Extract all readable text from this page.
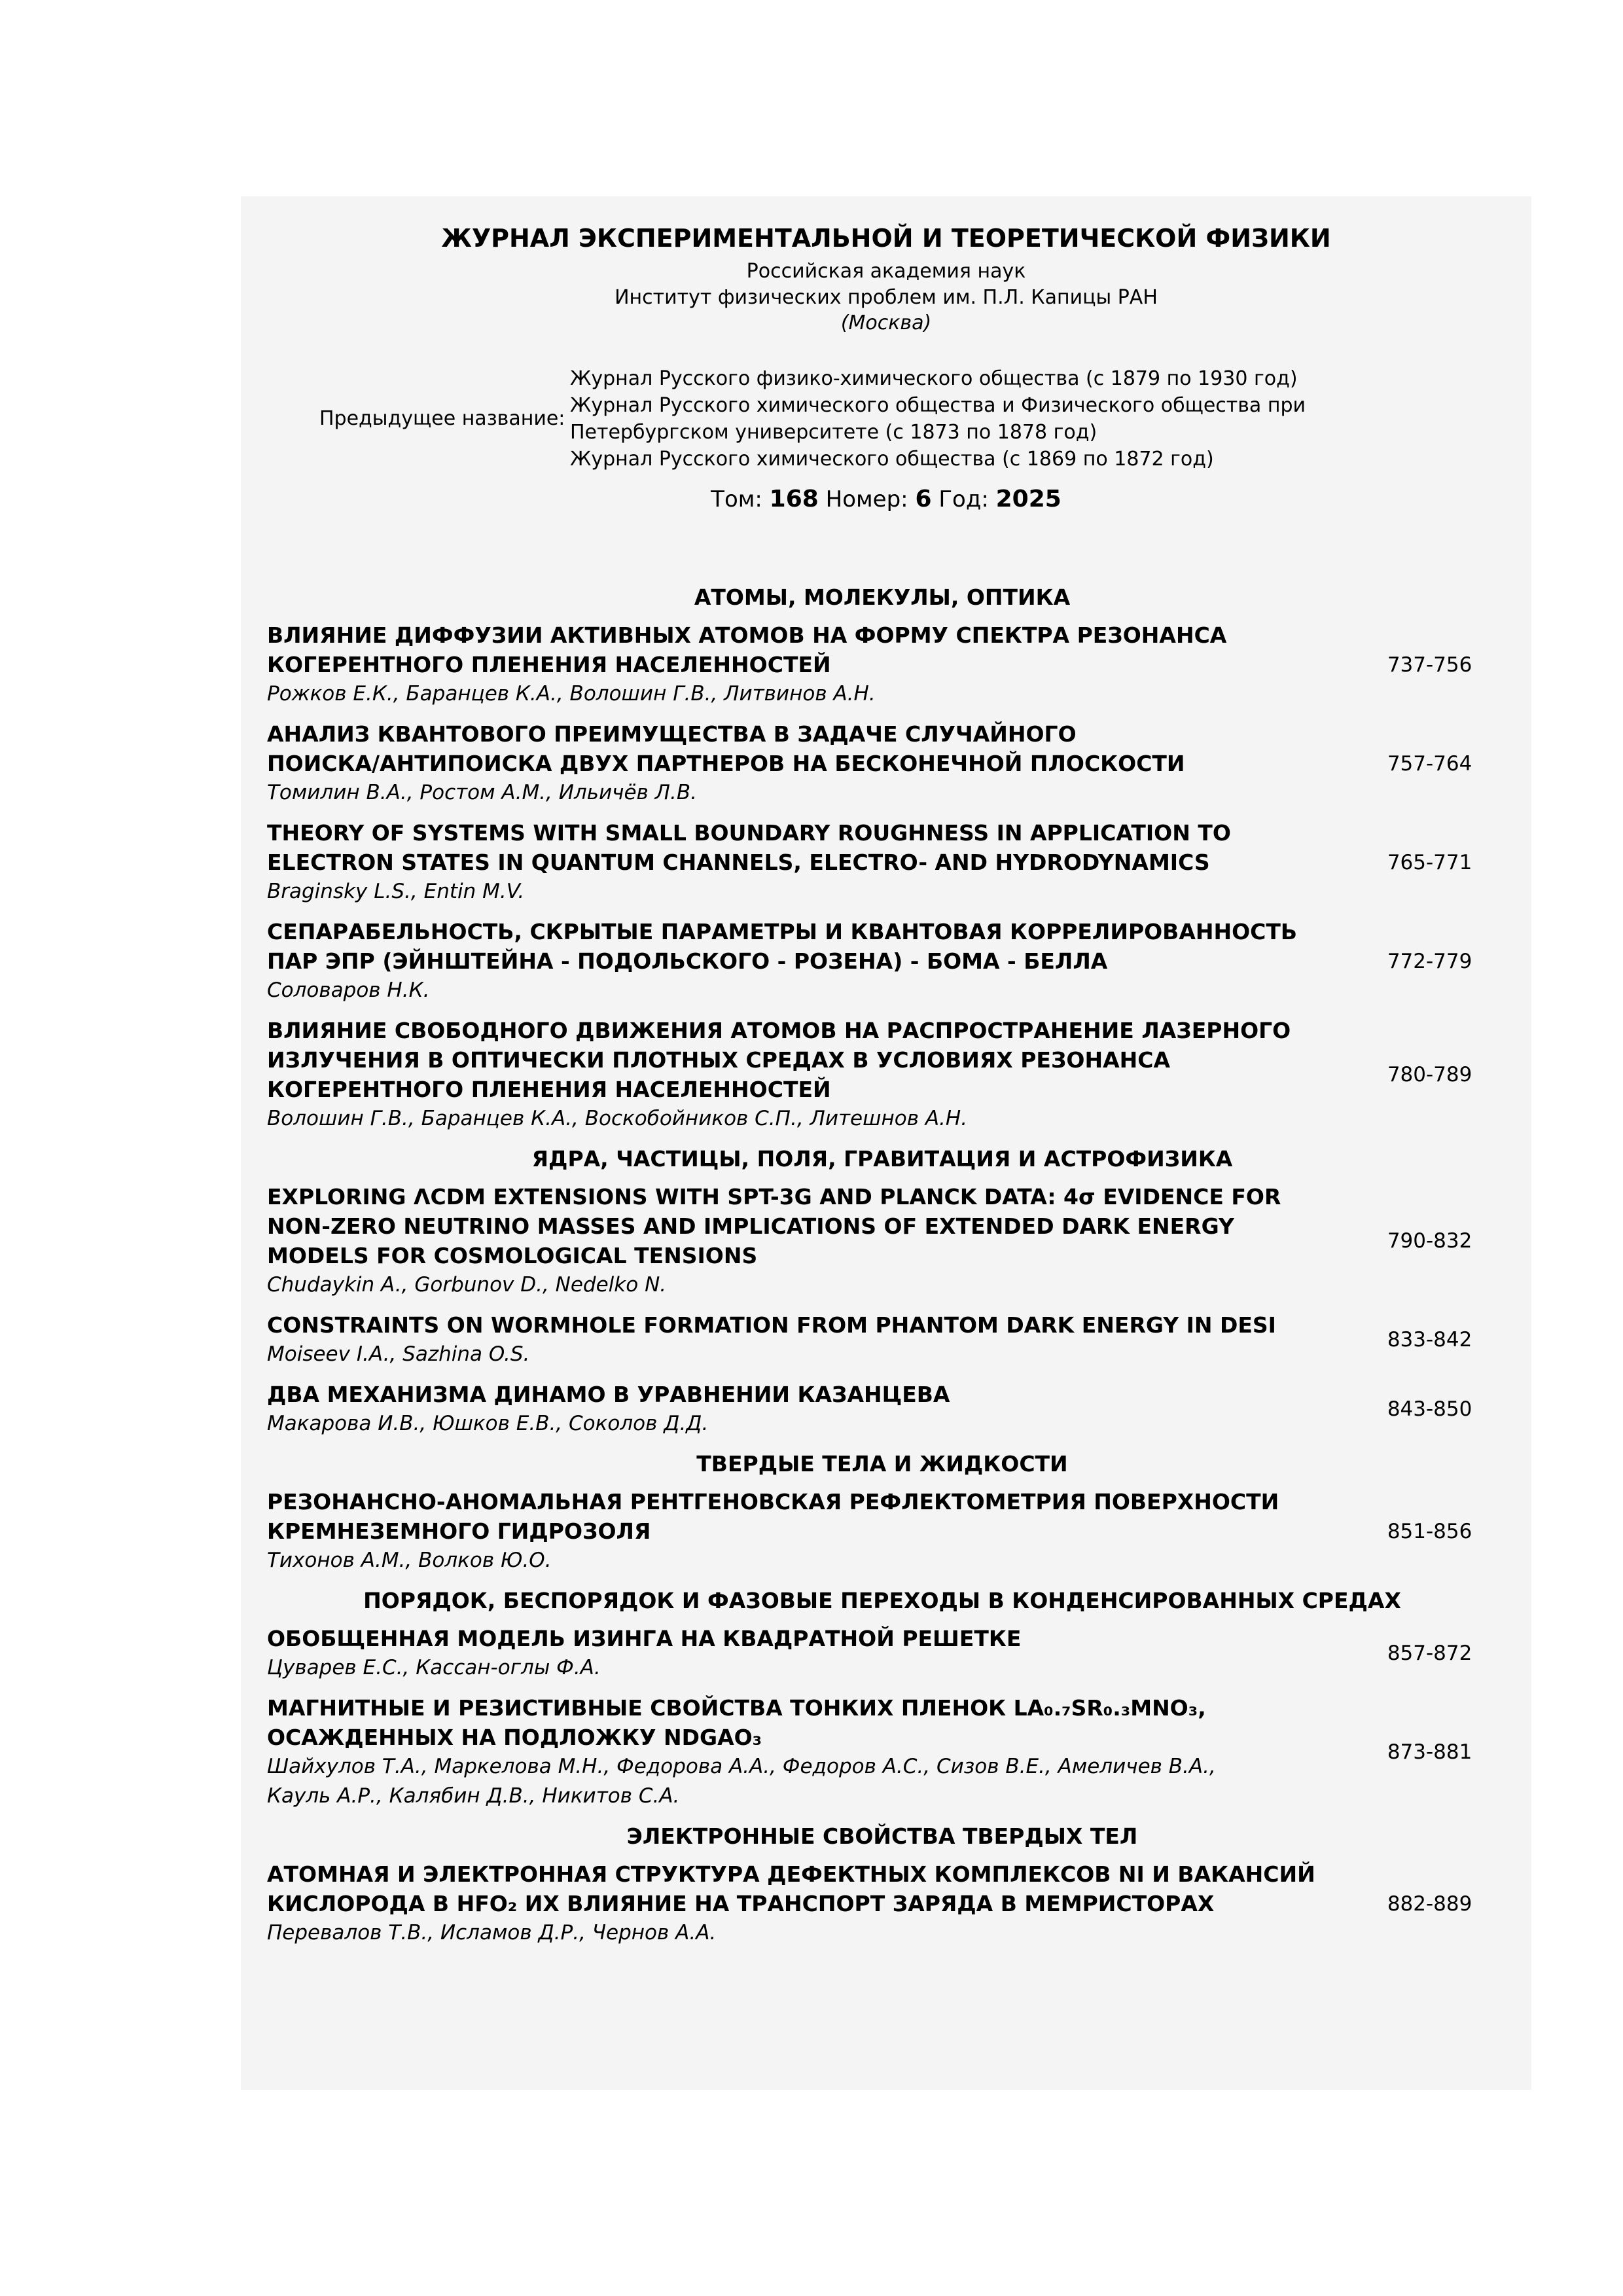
ЖУРНАЛ ЭКСПЕРИМЕНТАЛЬНОЙ И ТЕОРЕТИЧЕСКОЙ ФИЗИКИ
Российская академия наук
Институт физических проблем им. П.Л. Капицы РАН
(Москва)
Предыдущее название:
Журнал Русского физико-химического общества (с 1879 по 1930 год)
Журнал Русского химического общества и Физического общества при
Петербургском университете (с 1873 по 1878 год)
Журнал Русского химического общества (с 1869 по 1872 год)
Том: 168 Номер: 6 Год: 2025
АТОМЫ, МОЛЕКУЛЫ, ОПТИКА
ВЛИЯНИЕ ДИФФУЗИИ АКТИВНЫХ АТОМОВ НА ФОРМУ СПЕКТРА РЕЗОНАНСА
КОГЕРЕНТНОГО ПЛЕНЕНИЯ НАСЕЛЕННОСТЕЙ
Рожков Е.К., Баранцев К.А., Волошин Г.В., Литвинов А.Н.
737-756
АНАЛИЗ КВАНТОВОГО ПРЕИМУЩЕСТВА В ЗАДАЧЕ СЛУЧАЙНОГО
ПОИСКА/АНТИПОИСКА ДВУХ ПАРТНЕРОВ НА БЕСКОНЕЧНОЙ ПЛОСКОСТИ
Томилин В.А., Ростом А.М., Ильичёв Л.В.
757-764
THEORY OF SYSTEMS WITH SMALL BOUNDARY ROUGHNESS IN APPLICATION TO
ELECTRON STATES IN QUANTUM CHANNELS, ELECTRO- AND HYDRODYNAMICS
Braginsky L.S., Entin M.V.
765-771
СЕПАРАБЕЛЬНОСТЬ, СКРЫТЫЕ ПАРАМЕТРЫ И КВАНТОВАЯ КОРРЕЛИРОВАННОСТЬ
ПАР ЭПР (ЭЙНШТЕЙНА - ПОДОЛЬСКОГО - РОЗЕНА) - БОМА - БЕЛЛА
Соловаров Н.К.
772-779
ВЛИЯНИЕ СВОБОДНОГО ДВИЖЕНИЯ АТОМОВ НА РАСПРОСТРАНЕНИЕ ЛАЗЕРНОГО
ИЗЛУЧЕНИЯ В ОПТИЧЕСКИ ПЛОТНЫХ СРЕДАХ В УСЛОВИЯХ РЕЗОНАНСА
КОГЕРЕНТНОГО ПЛЕНЕНИЯ НАСЕЛЕННОСТЕЙ
Волошин Г.В., Баранцев К.А., Воскобойников С.П., Литешнов А.Н.
780-789
ЯДРА, ЧАСТИЦЫ, ПОЛЯ, ГРАВИТАЦИЯ И АСТРОФИЗИКА
EXPLORING ΛCDM EXTENSIONS WITH SPT-3G AND PLANCK DATA: 4σ EVIDENCE FOR
NON-ZERO NEUTRINO MASSES AND IMPLICATIONS OF EXTENDED DARK ENERGY
MODELS FOR COSMOLOGICAL TENSIONS
Chudaykin A., Gorbunov D., Nedelko N.
790-832
CONSTRAINTS ON WORMHOLE FORMATION FROM PHANTOM DARK ENERGY IN DESI
Moiseev I.A., Sazhina O.S.
833-842
ДВА МЕХАНИЗМА ДИНАМО В УРАВНЕНИИ КАЗАНЦЕВА
Макарова И.В., Юшков Е.В., Соколов Д.Д.
843-850
ТВЕРДЫЕ ТЕЛА И ЖИДКОСТИ
РЕЗОНАНСНО-АНОМАЛЬНАЯ РЕНТГЕНОВСКАЯ РЕФЛЕКТОМЕТРИЯ ПОВЕРХНОСТИ
КРЕМНЕЗЕМНОГО ГИДРОЗОЛЯ
Тихонов А.М., Волков Ю.О.
851-856
ПОРЯДОК, БЕСПОРЯДОК И ФАЗОВЫЕ ПЕРЕХОДЫ В КОНДЕНСИРОВАННЫХ СРЕДАХ
ОБОБЩЕННАЯ МОДЕЛЬ ИЗИНГА НА КВАДРАТНОЙ РЕШЕТКЕ
Цуварев Е.С., Кассан-оглы Ф.А.
857-872
МАГНИТНЫЕ И РЕЗИСТИВНЫЕ СВОЙСТВА ТОНКИХ ПЛЕНОК LA₀.₇SR₀.₃MNO₃,
ОСАЖДЕННЫХ НА ПОДЛОЖКУ NDGAO₃
Шайхулов Т.А., Маркелова М.Н., Федорова А.А., Федоров А.С., Сизов В.Е., Амеличев В.А.,
Кауль А.Р., Калябин Д.В., Никитов С.А.
873-881
ЭЛЕКТРОННЫЕ СВОЙСТВА ТВЕРДЫХ ТЕЛ
АТОМНАЯ И ЭЛЕКТРОННАЯ СТРУКТУРА ДЕФЕКТНЫХ КОМПЛЕКСОВ NI И ВАКАНСИЙ
КИСЛОРОДА В HFO₂ ИХ ВЛИЯНИЕ НА ТРАНСПОРТ ЗАРЯДА В МЕМРИСТОРАХ
Перевалов Т.В., Исламов Д.Р., Чернов А.А.
882-889
